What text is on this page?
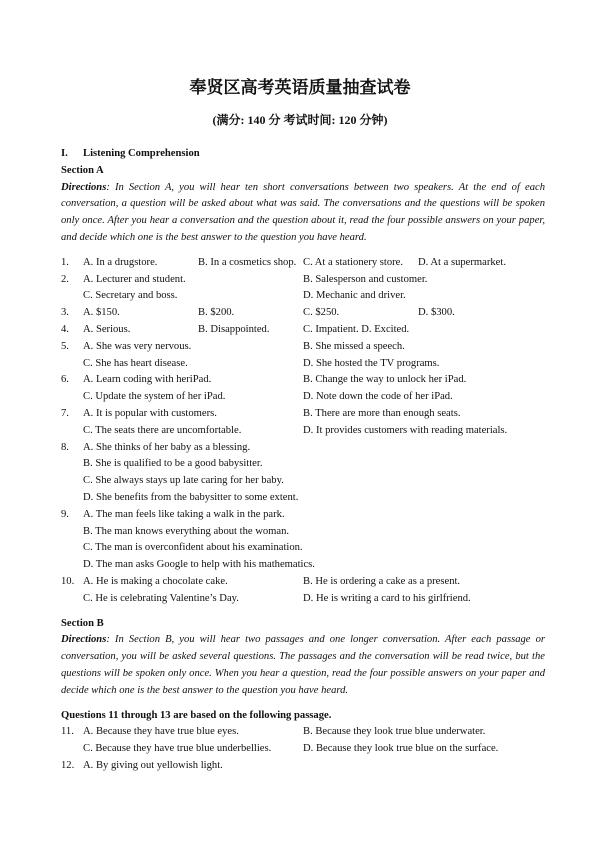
奉贤区高考英语质量抽查试卷
(满分: 140 分 考试时间: 120 分钟)
I.	Listening Comprehension
Section A
Directions: In Section A, you will hear ten short conversations between two speakers. At the end of each conversation, a question will be asked about what was said. The conversations and the questions will be spoken only once. After you hear a conversation and the question about it, read the four possible answers on your paper, and decide which one is the best answer to the question you have heard.
1.	A. In a drugstore.	B. In a cosmetics shop. C. At a stationery store.	D. At a supermarket.
2.	A. Lecturer and student.	B. Salesperson and customer.
C. Secretary and boss.	D. Mechanic and driver.
3.	A. $150.	B. $200.	C. $250.	D. $300.
4.	A. Serious.	B. Disappointed.	C. Impatient. D. Excited.
5.	A. She was very nervous.	B. She missed a speech.
C. She has heart disease.	D. She hosted the TV programs.
6.	A. Learn coding with heriPad.	B. Change the way to unlock her iPad.
C. Update the system of her iPad.	D. Note down the code of her iPad.
7.	A. It is popular with customers.	B. There are more than enough seats.
C. The seats there are uncomfortable.	D. It provides customers with reading materials.
8.	A. She thinks of her baby as a blessing.
B. She is qualified to be a good babysitter.
C. She always stays up late caring for her baby.
D. She benefits from the babysitter to some extent.
9.	A. The man feels like taking a walk in the park.
B. The man knows everything about the woman.
C. The man is overconfident about his examination.
D. The man asks Google to help with his mathematics.
10. A. He is making a chocolate cake.	B. He is ordering a cake as a present.
C. He is celebrating Valentine’s Day.	D. He is writing a card to his girlfriend.
Section B
Directions: In Section B, you will hear two passages and one longer conversation. After each passage or conversation, you will be asked several questions. The passages and the conversation will be read twice, but the questions will be spoken only once. When you hear a question, read the four possible answers on your paper and decide which one is the best answer to the question you have heard.
Questions 11 through 13 are based on the following passage.
11. A. Because they have true blue eyes.	B. Because they look true blue underwater.
C. Because they have true blue underbellies.	D. Because they look true blue on the surface.
12. A. By giving out yellowish light.
